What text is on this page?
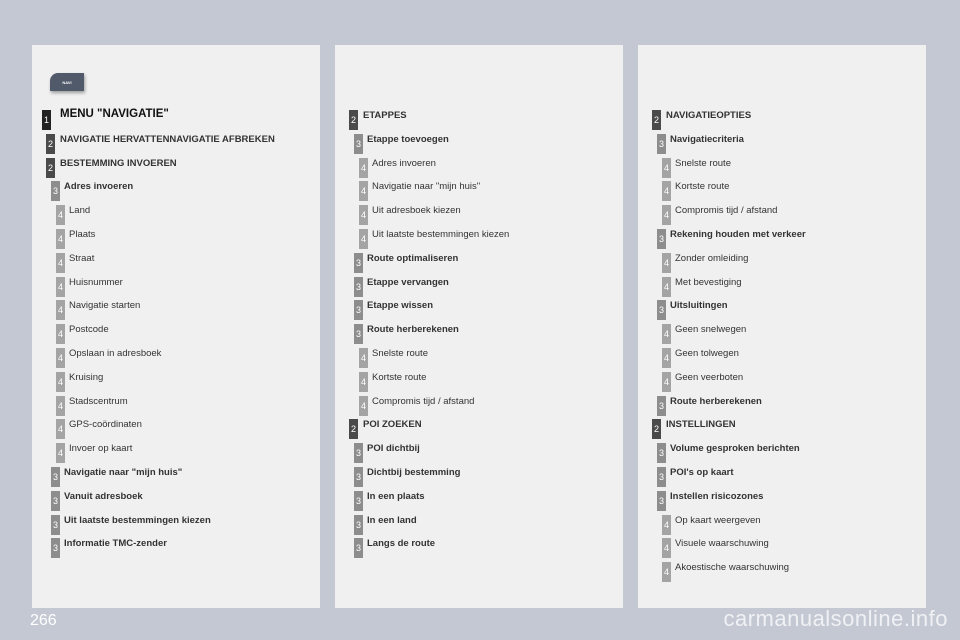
NAVI
1 MENU "NAVIGATIE"
2 NAVIGATIE HERVATTENNAVIGATIE AFBREKEN
2 BESTEMMING INVOEREN
3 Adres invoeren
4 Land
4 Plaats
4 Straat
4 Huisnummer
4 Navigatie starten
4 Postcode
4 Opslaan in adresboek
4 Kruising
4 Stadscentrum
4 GPS-coördinaten
4 Invoer op kaart
3 Navigatie naar "mijn huis"
3 Vanuit adresboek
3 Uit laatste bestemmingen kiezen
3 Informatie TMC-zender
2 ETAPPES
3 Etappe toevoegen
4 Adres invoeren
4 Navigatie naar "mijn huis"
4 Uit adresboek kiezen
4 Uit laatste bestemmingen kiezen
3 Route optimaliseren
3 Etappe vervangen
3 Etappe wissen
3 Route herberekenen
4 Snelste route
4 Kortste route
4 Compromis tijd / afstand
2 POI ZOEKEN
3 POI dichtbij
3 Dichtbij bestemming
3 In een plaats
3 In een land
3 Langs de route
2 NAVIGATIEOPTIES
3 Navigatiecriteria
4 Snelste route
4 Kortste route
4 Compromis tijd / afstand
3 Rekening houden met verkeer
4 Zonder omleiding
4 Met bevestiging
3 Uitsluitingen
4 Geen snelwegen
4 Geen tolwegen
4 Geen veerboten
3 Route herberekenen
2 INSTELLINGEN
3 Volume gesproken berichten
3 POI's op kaart
3 Instellen risicozones
4 Op kaart weergeven
4 Visuele waarschuwing
4 Akoestische waarschuwing
266	carmanualsonline.info
